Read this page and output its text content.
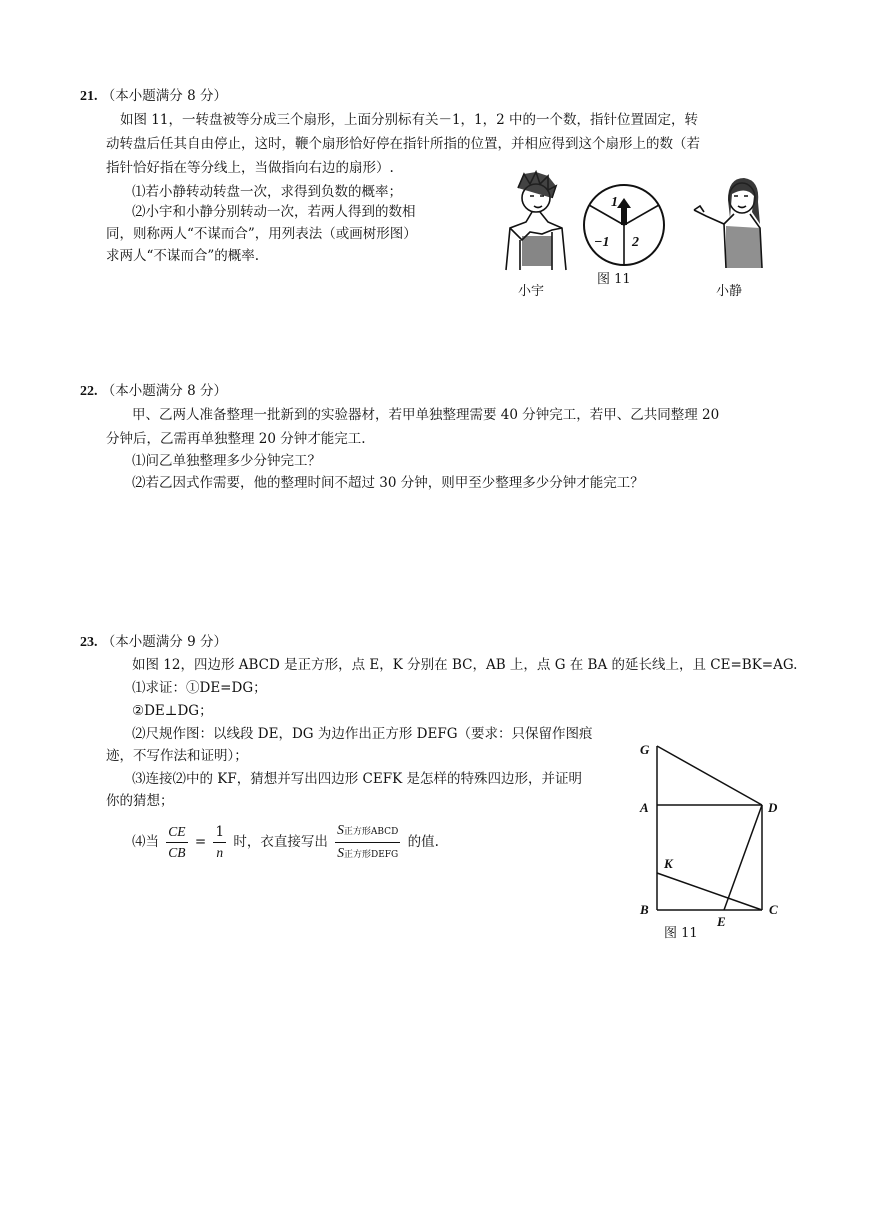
21. （本小题满分 8 分）
如图 11，一转盘被等分成三个扇形，上面分别标有关－1，1，2 中的一个数，指针位置固定，转
动转盘后任其自由停止，这时，鞭个扇形恰好停在指针所指的位置，并相应得到这个扇形上的数（若
指针恰好指在等分线上，当做指向右边的扇形）.
⑴若小静转动转盘一次，求得到负数的概率；
⑵小宇和小静分别转动一次，若两人得到的数相
同，则称两人“不谋而合”，用列表法（或画树形图）
求两人“不谋而合”的概率.
小宇
1
−1 2
图 11
小静
22. （本小题满分 8 分）
甲、乙两人准备整理一批新到的实验器材，若甲单独整理需要 40 分钟完工，若甲、乙共同整理 20
分钟后，乙需再单独整理 20 分钟才能完工.
⑴问乙单独整理多少分钟完工？
⑵若乙因式作需要，他的整理时间不超过 30 分钟，则甲至少整理多少分钟才能完工？
23. （本小题满分 9 分）
如图 12，四边形 ABCD 是正方形，点 E，K 分别在 BC，AB 上，点 G 在 BA 的延长线上，且 CE=BK=AG.
⑴求证：①DE=DG；
②DE⊥DG；
⑵尺规作图：以线段 DE，DG 为边作出正方形 DEFG（要求：只保留作图痕
迹，不写作法和证明）；
⑶连接⑵中的 KF，猜想并写出四边形 CEFK 是怎样的特殊四边形，并证明
你的猜想；
⑷当 $\frac{CE}{CB} = \frac{1}{n}$ 时，衣直接写出 $\frac{\text{S正方形ABCD}}{\text{S正方形DEFG}}$ 的值.
G
A	D
K
B
E
C
图 11
